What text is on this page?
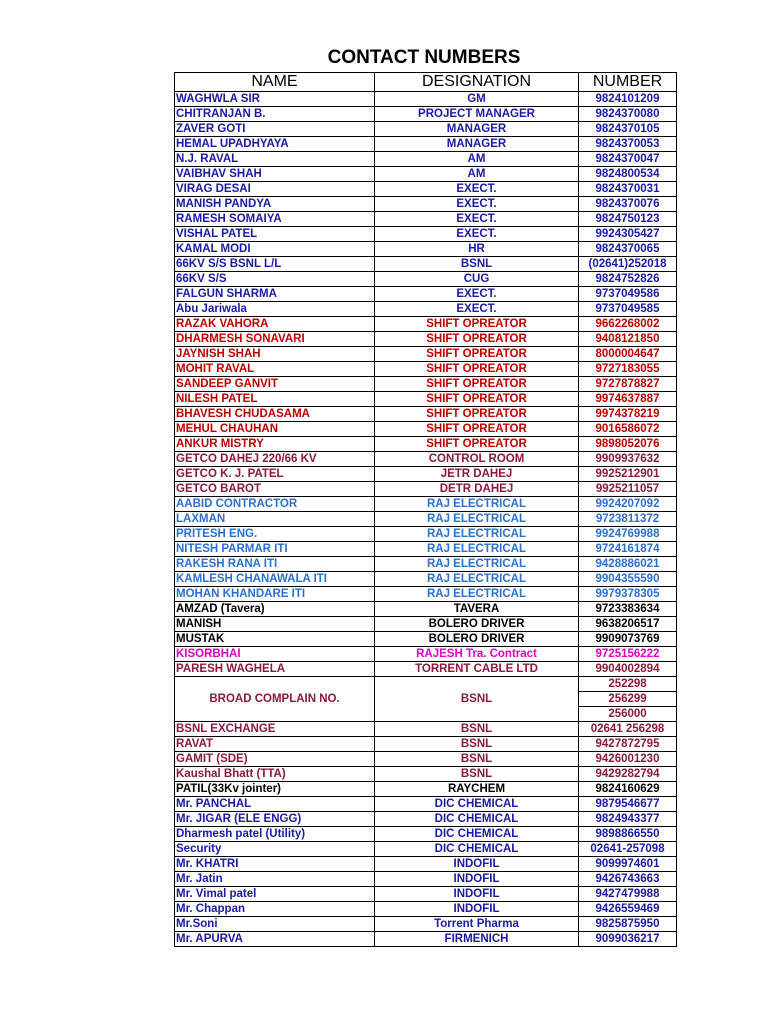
CONTACT NUMBERS
NAME	DESIGNATION	NUMBER
WAGHWLA SIR	GM	9824101209
CHITRANJAN B.	PROJECT MANAGER	9824370080
ZAVER GOTI	MANAGER	9824370105
HEMAL UPADHYAYA	MANAGER	9824370053
N.J. RAVAL	AM	9824370047
VAIBHAV SHAH	AM	9824800534
VIRAG DESAI	EXECT.	9824370031
MANISH PANDYA	EXECT.	9824370076
RAMESH SOMAIYA	EXECT.	9824750123
VISHAL PATEL	EXECT.	9924305427
KAMAL MODI	HR	9824370065
66KV S/S BSNL L/L	BSNL	(02641)252018
66KV S/S	CUG	9824752826
FALGUN SHARMA	EXECT.	9737049586
Abu Jariwala	EXECT.	9737049585
RAZAK VAHORA	SHIFT OPREATOR	9662268002
DHARMESH SONAVARI	SHIFT OPREATOR	9408121850
JAYNISH SHAH	SHIFT OPREATOR	8000004647
MOHIT RAVAL	SHIFT OPREATOR	9727183055
SANDEEP GANVIT	SHIFT OPREATOR	9727878827
NILESH PATEL	SHIFT OPREATOR	9974637887
BHAVESH CHUDASAMA	SHIFT OPREATOR	9974378219
MEHUL CHAUHAN	SHIFT OPREATOR	9016586072
ANKUR MISTRY	SHIFT OPREATOR	9898052076
GETCO DAHEJ 220/66 KV	CONTROL ROOM	9909937632
GETCO K. J. PATEL	JETR DAHEJ	9925212901
GETCO BAROT	DETR DAHEJ	9925211057
AABID CONTRACTOR	RAJ ELECTRICAL	9924207092
LAXMAN	RAJ ELECTRICAL	9723811372
PRITESH ENG.	RAJ ELECTRICAL	9924769988
NITESH PARMAR ITI	RAJ ELECTRICAL	9724161874
RAKESH RANA ITI	RAJ ELECTRICAL	9428886021
KAMLESH CHANAWALA ITI	RAJ ELECTRICAL	9904355590
MOHAN KHANDARE ITI	RAJ ELECTRICAL	9979378305
AMZAD (Tavera)	TAVERA	9723383634
MANISH	BOLERO DRIVER	9638206517
MUSTAK	BOLERO DRIVER	9909073769
KISORBHAI	RAJESH Tra. Contract	9725156222
PARESH WAGHELA	TORRENT CABLE LTD	9904002894
BROAD COMPLAIN NO.	BSNL	252298
		256299
		256000
BSNL EXCHANGE	BSNL	02641 256298
RAVAT	BSNL	9427872795
GAMIT (SDE)	BSNL	9426001230
Kaushal Bhatt (TTA)	BSNL	9429282794
PATIL(33Kv jointer)	RAYCHEM	9824160629
Mr. PANCHAL	DIC CHEMICAL	9879546677
Mr. JIGAR (ELE ENGG)	DIC CHEMICAL	9824943377
Dharmesh patel (Utility)	DIC CHEMICAL	9898866550
Security	DIC CHEMICAL	02641-257098
Mr. KHATRI	INDOFIL	9099974601
Mr. Jatin	INDOFIL	9426743663
Mr. Vimal patel	INDOFIL	9427479988
Mr. Chappan	INDOFIL	9426559469
Mr.Soni	Torrent Pharma	9825875950
Mr. APURVA	FIRMENICH	9099036217
